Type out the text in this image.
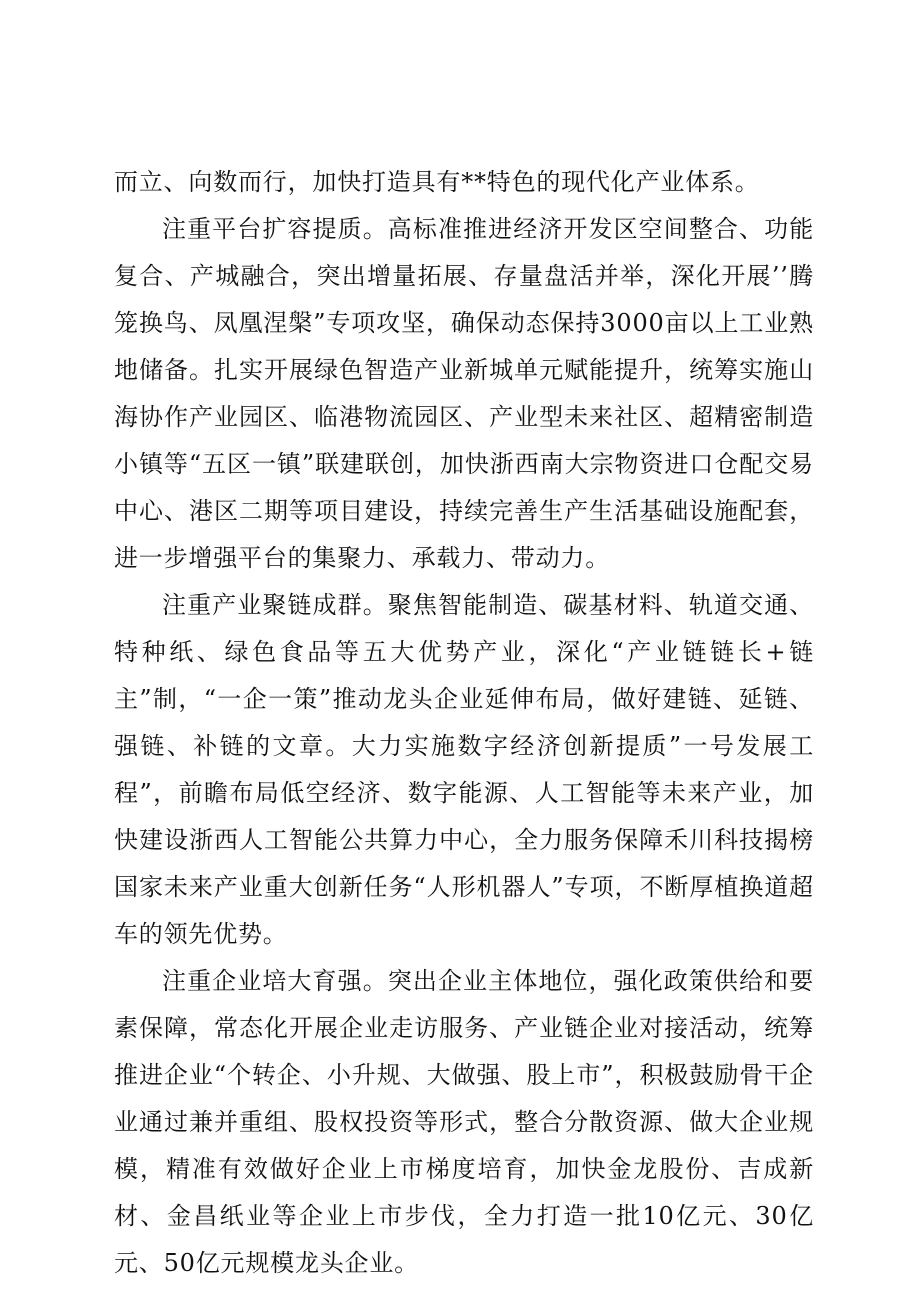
而立、向数而行，加快打造具有**特色的现代化产业体系。

注重平台扩容提质。高标准推进经济开发区空间整合、功能复合、产城融合，突出增量拓展、存量盘活并举，深化开展’’腾笼换鸟、凤凰涅槃”专项攻坚，确保动态保持3000亩以上工业熟地储备。扎实开展绿色智造产业新城单元赋能提升，统筹实施山海协作产业园区、临港物流园区、产业型未来社区、超精密制造小镇等“五区一镇”联建联创，加快浙西南大宗物资进口仓配交易中心、港区二期等项目建设，持续完善生产生活基础设施配套，进一步增强平台的集聚力、承载力、带动力。

注重产业聚链成群。聚焦智能制造、碳基材料、轨道交通、特种纸、绿色食品等五大优势产业，深化“产业链链长+链主”制，“一企一策”推动龙头企业延伸布局，做好建链、延链、强链、补链的文章。大力实施数字经济创新提质”一号发展工程”，前瞻布局低空经济、数字能源、人工智能等未来产业，加快建设浙西人工智能公共算力中心，全力服务保障禾川科技揭榜国家未来产业重大创新任务“人形机器人”专项，不断厚植换道超车的领先优势。

注重企业培大育强。突出企业主体地位，强化政策供给和要素保障，常态化开展企业走访服务、产业链企业对接活动，统筹推进企业“个转企、小升规、大做强、股上市”，积极鼓励骨干企业通过兼并重组、股权投资等形式，整合分散资源、做大企业规模，精准有效做好企业上市梯度培育，加快金龙股份、吉成新材、金昌纸业等企业上市步伐，全力打造一批10亿元、30亿元、50亿元规模龙头企业。
